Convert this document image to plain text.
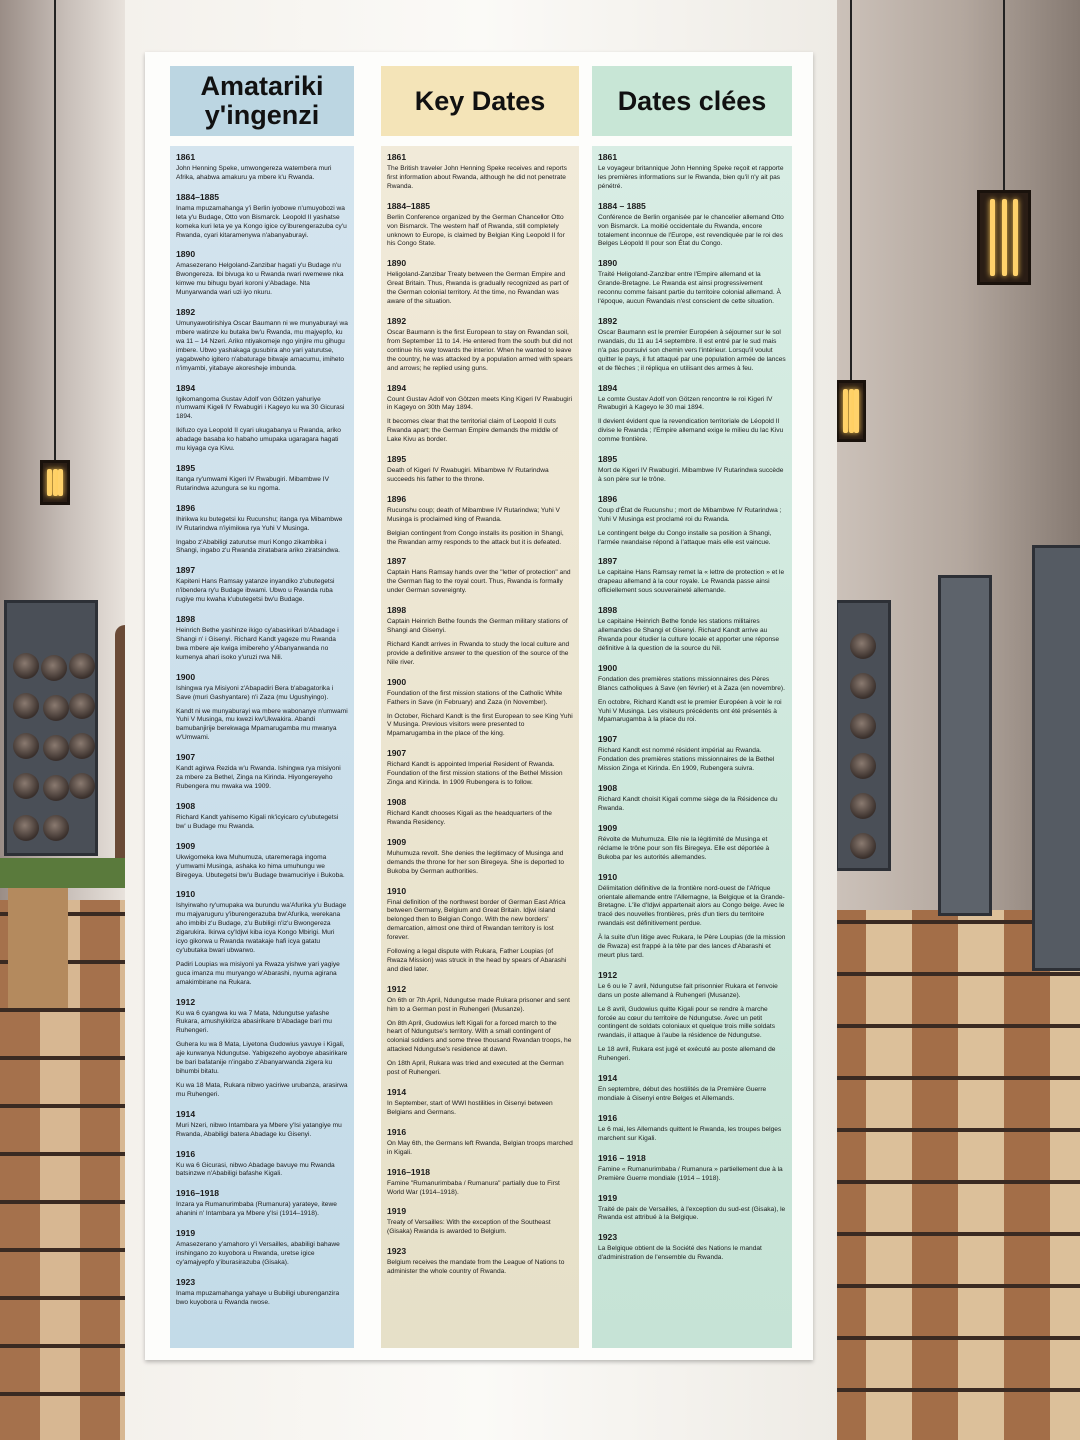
Amatariki y'ingenzi	Key Dates	Dates clées
1861

John Henning Speke, umwongereza watembera muri Afrika, ahabwa amakuru ya mbere k'u Rwanda.

1884–1885

Inama mpuzamahanga y'i Berlin iyobowe n'umuyobozi wa leta y'u Budage, Otto von Bismarck. Leopold II yashatse komeka kuri leta ye ya Kongo igice cy'iburengerazuba cy'u Rwanda, cyari kitaramenywa n'abanyaburayi.

1890

Amasezerano Helgoland-Zanzibar hagati y'u Budage n'u Bwongereza. Ibi bivuga ko u Rwanda rwari rwemewe nka kimwe mu bihugu byari koroni y'Abadage. Nta Munyarwanda wari uzi iyo nkuru.

1892

Umunyawotirishiya Oscar Baumann ni we munyaburayi wa mbere watinze ku butaka bw'u Rwanda, mu majyepfo, ku wa 11 – 14 Nzeri. Ariko ntiyakomeje ngo yinjire mu gihugu imbere. Ubwo yashakaga gusubira aho yari yaturutse, yagabweho igitero n'abaturage bitwaje amacumu, imiheto n'imyambi, yitabaye akoresheje imbunda.

1894

Igikomangoma Gustav Adolf von Götzen yahuriye n'umwami Kigeli IV Rwabugiri i Kageyo ku wa 30 Gicurasi 1894.

Ikifuzo cya Leopold II cyari ukugabanya u Rwanda, ariko abadage basaba ko habaho umupaka ugaragara hagati mu kiyaga cya Kivu.

1895

Itanga ry'umwami Kigeri IV Rwabugiri. Mibambwe IV Rutarindwa azungura se ku ngoma.

1896

Ihirikwa ku butegetsi ku Rucunshu; itanga rya Mibambwe IV Rutarindwa n'iyimikwa rya Yuhi V Musinga.

Ingabo z'Ababiligi zaturutse muri Kongo zikambika i Shangi, ingabo z'u Rwanda ziratabara ariko ziratsindwa.

1897

Kapiteni Hans Ramsay yatanze inyandiko z'ubutegetsi n'ibendera ry'u Budage ibwami. Ubwo u Rwanda ruba rugiye mu kwaha k'ubutegetsi bw'u Budage.

1898

Heinrich Bethe yashinze ikigo cy'abasirikari b'Abadage i Shangi n' i Gisenyi. Richard Kandt yageze mu Rwanda bwa mbere aje kwiga imibereho y'Abanyarwanda no kumenya ahari isoko y'uruzi rwa Nili.

1900

Ishingwa rya Misiyoni z'Abapadiri Bera b'abagatorika i Save (muri Gashyantare) n'i Zaza (mu Ugushyingo).

Kandt ni we munyaburayi wa mbere wabonanye n'umwami Yuhi V Musinga, mu kwezi kw'Ukwakira. Abandi bamubanjirije berekwaga Mpamarugamba mu mwanya w'Umwami.

1907

Kandt agirwa Rezida w'u Rwanda. Ishingwa rya misiyoni za mbere za Bethel, Zinga na Kirinda. Hiyongereyeho Rubengera mu mwaka wa 1909.

1908

Richard Kandt yahisemo Kigali nk'icyicaro cy'ubutegetsi bw' u Budage mu Rwanda.

1909

Ukwigomeka kwa Muhumuza, utaremeraga ingoma y'umwami Musinga, ashaka ko hima umuhungu we Biregeya. Ubutegetsi bw'u Budage bwamuciriye i Bukoba.

1910

Ishyirwaho ry'umupaka wa burundu wa'Afurika y'u Budage mu majyaruguru y'iburengerazuba bw'Afurika, werekana aho imbibi z'u Budage, z'u Bubiligi n'iz'u Bwongereza zigarukira. Ikirwa cy'Idjwi kiba icya Kongo Mbirigi. Muri icyo gikorwa u Rwanda rwatakaje hafi icya gatatu cy'ubutaka bwari ubwarwo.

Padiri Loupias wa misiyoni ya Rwaza yishwe yari yagiye guca imanza mu muryango w'Abarashi, nyuma agirana amakimbirane na Rukara.

1912

Ku wa 6 cyangwa ku wa 7 Mata, Ndungutse yafashe Rukara, amushyikiriza abasirikare b'Abadage bari mu Ruhengeri.

Guhera ku wa 8 Mata, Liyetona Gudowius yavuye i Kigali, aje kurwanya Ndungutse. Yabigezeho ayoboye abasirikare be bari bafatanije n'ingabo z'Abanyarwanda zigera ku bihumbi bitatu.

Ku wa 18 Mata, Rukara nibwo yaciriwe urubanza, arasirwa mu Ruhengeri.

1914

Muri Nzeri, nibwo Intambara ya Mbere y'Isi yatangiye mu Rwanda, Ababiligi batera Abadage ku Gisenyi.

1916

Ku wa 6 Gicurasi, nibwo Abadage bavuye mu Rwanda batsinzwe n'Ababiligi bafashe Kigali.

1916–1918

Inzara ya Rumanurimbaba (Rumanura) yarateye, itewe ahanini n' Intambara ya Mbere y'Isi (1914–1918).

1919

Amasezerano y'amahoro y'i Versailles, ababiligi bahawe inshingano zo kuyobora u Rwanda, uretse igice cy'amajyepfo y'iburasirazuba (Gisaka).

1923

Inama mpuzamahanga yahaye u Bubiligi uburenganzira bwo kuyobora u Rwanda rwose.

1861

The British traveler John Henning Speke receives and reports first information about Rwanda, although he did not penetrate Rwanda.

1884–1885

Berlin Conference organized by the German Chancellor Otto von Bismarck. The western half of Rwanda, still completely unknown to Europe, is claimed by Belgian King Leopold II for his Congo State.

1890

Heligoland-Zanzibar Treaty between the German Empire and Great Britain. Thus, Rwanda is gradually recognized as part of the German colonial territory. At the time, no Rwandan was aware of the situation.

1892

Oscar Baumann is the first European to stay on Rwandan soil, from September 11 to 14. He entered from the south but did not continue his way towards the interior. When he wanted to leave the country, he was attacked by a population armed with spears and arrows; he replied using guns.

1894

Count Gustav Adolf von Götzen meets King Kigeri IV Rwabugiri in Kageyo on 30th May 1894.

It becomes clear that the territorial claim of Leopold II cuts Rwanda apart; the German Empire demands the middle of Lake Kivu as border.

1895

Death of Kigeri IV Rwabugiri. Mibambwe IV Rutarindwa succeeds his father to the throne.

1896

Rucunshu coup; death of Mibambwe IV Rutarindwa; Yuhi V Musinga is proclaimed king of Rwanda.

Belgian contingent from Congo installs its position in Shangi, the Rwandan army responds to the attack but it is defeated.

1897

Captain Hans Ramsay hands over the "letter of protection" and the German flag to the royal court. Thus, Rwanda is formally under German sovereignty.

1898

Captain Heinrich Bethe founds the German military stations of Shangi and Gisenyi.

Richard Kandt arrives in Rwanda to study the local culture and provide a definitive answer to the question of the source of the Nile river.

1900

Foundation of the first mission stations of the Catholic White Fathers in Save (in February) and Zaza (in November).

In October, Richard Kandt is the first European to see King Yuhi V Musinga. Previous visitors were presented to Mpamarugamba in the place of the king.

1907

Richard Kandt is appointed Imperial Resident of Rwanda. Foundation of the first mission stations of the Bethel Mission Zinga and Kirinda. In 1909 Rubengera is to follow.

1908

Richard Kandt chooses Kigali as the headquarters of the Rwanda Residency.

1909

Muhumuza revolt. She denies the legitimacy of Musinga and demands the throne for her son Biregeya. She is deported to Bukoba by German authorities.

1910

Final definition of the northwest border of German East Africa between Germany, Belgium and Great Britain. Idjwi island belonged then to Belgian Congo. With the new borders' demarcation, almost one third of Rwandan territory is lost forever.

Following a legal dispute with Rukara, Father Loupias (of Rwaza Mission) was struck in the head by spears of Abarashi and died later.

1912

On 6th or 7th April, Ndungutse made Rukara prisoner and sent him to a German post in Ruhengeri (Musanze).

On 8th April, Gudowius left Kigali for a forced march to the heart of Ndungutse's territory. With a small contingent of colonial soldiers and some three thousand Rwandan troops, he attacked Ndungutse's residence at dawn.

On 18th April, Rukara was tried and executed at the German post of Ruhengeri.

1914

In September, start of WWI hostilities in Gisenyi between Belgians and Germans.

1916

On May 6th, the Germans left Rwanda, Belgian troops marched in Kigali.

1916–1918

Famine "Rumanurimbaba / Rumanura" partially due to First World War (1914–1918).

1919

Treaty of Versailles: With the exception of the Southeast (Gisaka) Rwanda is awarded to Belgium.

1923

Belgium receives the mandate from the League of Nations to administer the whole country of Rwanda.

1861

Le voyageur britannique John Henning Speke reçoit et rapporte les premières informations sur le Rwanda, bien qu'il n'y ait pas pénétré.

1884 – 1885

Conférence de Berlin organisée par le chancelier allemand Otto von Bismarck. La moitié occidentale du Rwanda, encore totalement inconnue de l'Europe, est revendiquée par le roi des Belges Léopold II pour son État du Congo.

1890

Traité Heligoland-Zanzibar entre l'Empire allemand et la Grande-Bretagne. Le Rwanda est ainsi progressivement reconnu comme faisant partie du territoire colonial allemand. À l'époque, aucun Rwandais n'est conscient de cette situation.

1892

Oscar Baumann est le premier Européen à séjourner sur le sol rwandais, du 11 au 14 septembre. Il est entré par le sud mais n'a pas poursuivi son chemin vers l'intérieur. Lorsqu'il voulut quitter le pays, il fut attaqué par une population armée de lances et de flèches ; il répliqua en utilisant des armes à feu.

1894

Le comte Gustav Adolf von Götzen rencontre le roi Kigeri IV Rwabugiri à Kageyo le 30 mai 1894.

Il devient évident que la revendication territoriale de Léopold II divise le Rwanda ; l'Empire allemand exige le milieu du lac Kivu comme frontière.

1895

Mort de Kigeri IV Rwabugiri. Mibambwe IV Rutarindwa succède à son père sur le trône.

1896

Coup d'État de Rucunshu ; mort de Mibambwe IV Rutarindwa ; Yuhi V Musinga est proclamé roi du Rwanda.

Le contingent belge du Congo installe sa position à Shangi, l'armée rwandaise répond à l'attaque mais elle est vaincue.

1897

Le capitaine Hans Ramsay remet la « lettre de protection » et le drapeau allemand à la cour royale. Le Rwanda passe ainsi officiellement sous souveraineté allemande.

1898

Le capitaine Heinrich Bethe fonde les stations militaires allemandes de Shangi et Gisenyi. Richard Kandt arrive au Rwanda pour étudier la culture locale et apporter une réponse définitive à la question de la source du Nil.

1900

Fondation des premières stations missionnaires des Pères Blancs catholiques à Save (en février) et à Zaza (en novembre).

En octobre, Richard Kandt est le premier Européen à voir le roi Yuhi V Musinga. Les visiteurs précédents ont été présentés à Mpamarugamba à la place du roi.

1907

Richard Kandt est nommé résident impérial au Rwanda. Fondation des premières stations missionnaires de la Bethel Mission Zinga et Kirinda. En 1909, Rubengera suivra.

1908

Richard Kandt choisit Kigali comme siège de la Résidence du Rwanda.

1909

Révolte de Muhumuza. Elle nie la légitimité de Musinga et réclame le trône pour son fils Biregeya. Elle est déportée à Bukoba par les autorités allemandes.

1910

Délimitation définitive de la frontière nord-ouest de l'Afrique orientale allemande entre l'Allemagne, la Belgique et la Grande-Bretagne. L'île d'Idjwi appartenait alors au Congo belge. Avec le tracé des nouvelles frontières, près d'un tiers du territoire rwandais est définitivement perdue.

À la suite d'un litige avec Rukara, le Père Loupias (de la mission de Rwaza) est frappé à la tête par des lances d'Abarashi et meurt plus tard.

1912

Le 6 ou le 7 avril, Ndungutse fait prisonnier Rukara et l'envoie dans un poste allemand à Ruhengeri (Musanze).

Le 8 avril, Gudowius quitte Kigali pour se rendre à marche forcée au cœur du territoire de Ndungutse. Avec un petit contingent de soldats coloniaux et quelque trois mille soldats rwandais, il attaque à l'aube la résidence de Ndungutse.

Le 18 avril, Rukara est jugé et exécuté au poste allemand de Ruhengeri.

1914

En septembre, début des hostilités de la Première Guerre mondiale à Gisenyi entre Belges et Allemands.

1916

Le 6 mai, les Allemands quittent le Rwanda, les troupes belges marchent sur Kigali.

1916 – 1918

Famine « Rumanurimbaba / Rumanura » partiellement due à la Première Guerre mondiale (1914 – 1918).

1919

Traité de paix de Versailles, à l'exception du sud-est (Gisaka), le Rwanda est attribué à la Belgique.

1923

La Belgique obtient de la Société des Nations le mandat d'administration de l'ensemble du Rwanda.
